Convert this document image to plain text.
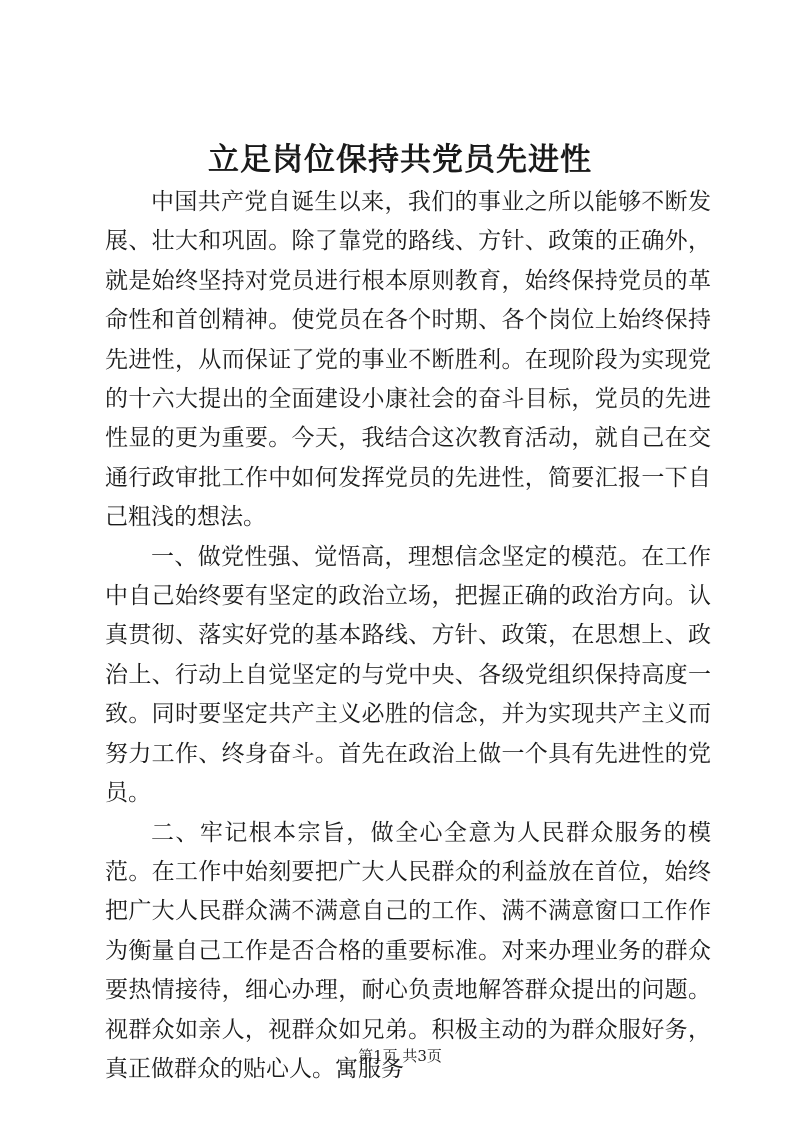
立足岗位保持共党员先进性

中国共产党自诞生以来，我们的事业之所以能够不断发展、壮大和巩固。除了靠党的路线、方针、政策的正确外，就是始终坚持对党员进行根本原则教育，始终保持党员的革命性和首创精神。使党员在各个时期、各个岗位上始终保持先进性，从而保证了党的事业不断胜利。在现阶段为实现党的十六大提出的全面建设小康社会的奋斗目标，党员的先进性显的更为重要。今天，我结合这次教育活动，就自己在交通行政审批工作中如何发挥党员的先进性，简要汇报一下自己粗浅的想法。

一、做党性强、觉悟高，理想信念坚定的模范。在工作中自己始终要有坚定的政治立场，把握正确的政治方向。认真贯彻、落实好党的基本路线、方针、政策，在思想上、政治上、行动上自觉坚定的与党中央、各级党组织保持高度一致。同时要坚定共产主义必胜的信念，并为实现共产主义而努力工作、终身奋斗。首先在政治上做一个具有先进性的党员。

二、牢记根本宗旨，做全心全意为人民群众服务的模范。在工作中始刻要把广大人民群众的利益放在首位，始终把广大人民群众满不满意自己的工作、满不满意窗口工作作为衡量自己工作是否合格的重要标准。对来办理业务的群众要热情接待，细心办理，耐心负责地解答群众提出的问题。视群众如亲人，视群众如兄弟。积极主动的为群众服好务，真正做群众的贴心人。寓服务

第1页 共3页
